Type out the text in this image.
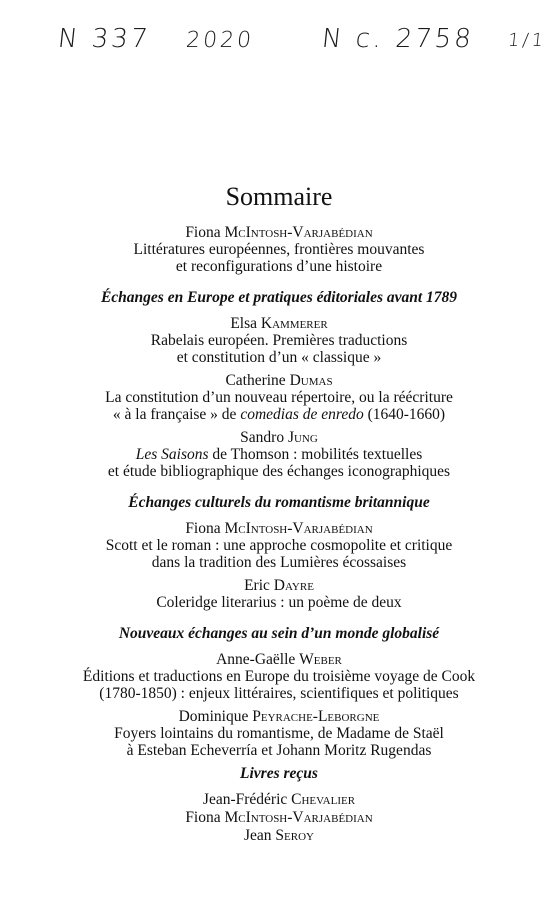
N 337 2020	N c. 2758 1/1
Sommaire
Fiona McIntosh-Varjabédian
Littératures européennes, frontières mouvantes
et reconfigurations d’une histoire
Échanges en Europe et pratiques éditoriales avant 1789
Elsa Kammerer
Rabelais européen. Premières traductions
et constitution d’un « classique »
Catherine Dumas
La constitution d’un nouveau répertoire, ou la réécriture
« à la française » de comedias de enredo (1640-1660)
Sandro Jung
Les Saisons de Thomson : mobilités textuelles
et étude bibliographique des échanges iconographiques
Échanges culturels du romantisme britannique
Fiona McIntosh-Varjabédian
Scott et le roman : une approche cosmopolite et critique
dans la tradition des Lumières écossaises
Eric Dayre
Coleridge literarius : un poème de deux
Nouveaux échanges au sein d’un monde globalisé
Anne-Gaëlle Weber
Éditions et traductions en Europe du troisième voyage de Cook
(1780-1850) : enjeux littéraires, scientifiques et politiques
Dominique Peyrache-Leborgne
Foyers lointains du romantisme, de Madame de Staël
à Esteban Echeverría et Johann Moritz Rugendas
Livres reçus
Jean-Frédéric Chevalier
Fiona McIntosh-Varjabédian
Jean Seroy
